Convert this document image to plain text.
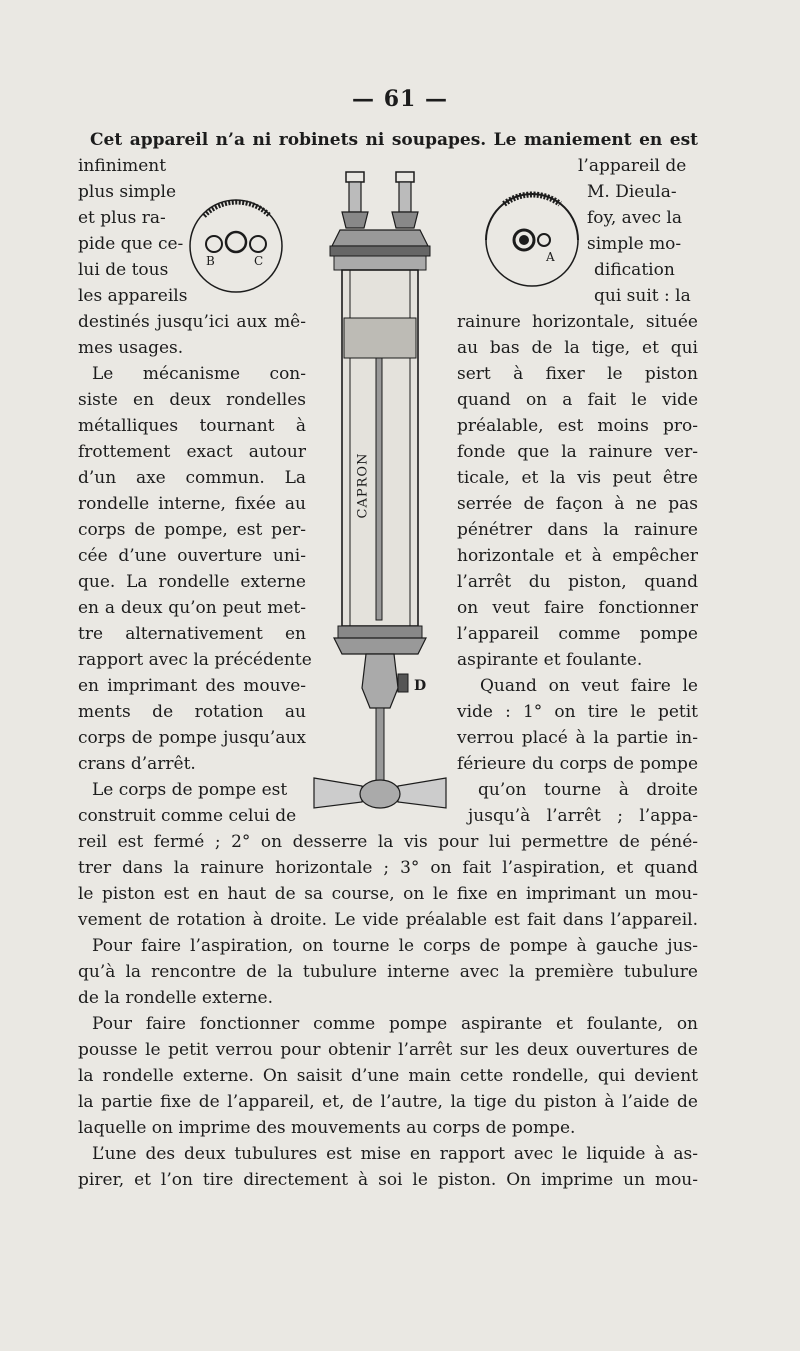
— 61 —
Cet appareil n’a ni robinets ni soupapes. Le maniement en est
infiniment
plus simple
et plus ra-
pide que ce-
lui de tous
les appareils
destinés jusqu’ici aux mê-
mes usages.
Le mécanisme con-
siste en deux rondelles
métalliques tournant à
frottement exact autour
d’un axe commun. La
rondelle interne, fixée au
corps de pompe, est per-
cée d’une ouverture uni-
que. La rondelle externe
en a deux qu’on peut met-
tre alternativement en
rapport avec la précédente
en imprimant des mouve-
ments de rotation au
corps de pompe jusqu’aux
crans d’arrêt.
Le corps de pompe est
construit comme celui de
l’appareil de
M. Dieula-
foy, avec la
simple mo-
dification
qui suit : la
rainure horizontale, située
au bas de la tige, et qui
sert à fixer le piston
quand on a fait le vide
préalable, est moins pro-
fonde que la rainure ver-
ticale, et la vis peut être
serrée de façon à ne pas
pénétrer dans la rainure
horizontale et à empêcher
l’arrêt du piston, quand
on veut faire fonctionner
l’appareil comme pompe
aspirante et foulante.
Quand on veut faire le
vide : 1° on tire le petit
verrou placé à la partie in-
férieure du corps de pompe
qu’on tourne à droite
jusqu’à l’arrêt ; l’appa-
reil est fermé ; 2° on desserre la vis pour lui permettre de péné-
trer dans la rainure horizontale ; 3° on fait l’aspiration, et quand
le piston est en haut de sa course, on le fixe en imprimant un mou-
vement de rotation à droite. Le vide préalable est fait dans l’appareil.
Pour faire l’aspiration, on tourne le corps de pompe à gauche jus-
qu’à la rencontre de la tubulure interne avec la première tubulure
de la rondelle externe.
Pour faire fonctionner comme pompe aspirante et foulante, on
pousse le petit verrou pour obtenir l’arrêt sur les deux ouvertures de
la rondelle externe. On saisit d’une main cette rondelle, qui devient
la partie fixe de l’appareil, et, de l’autre, la tige du piston à l’aide de
laquelle on imprime des mouvements au corps de pompe.
L’une des deux tubulures est mise en rapport avec le liquide à as-
pirer, et l’on tire directement à soi le piston. On imprime un mou-
B	C	A
CAPRON
D
